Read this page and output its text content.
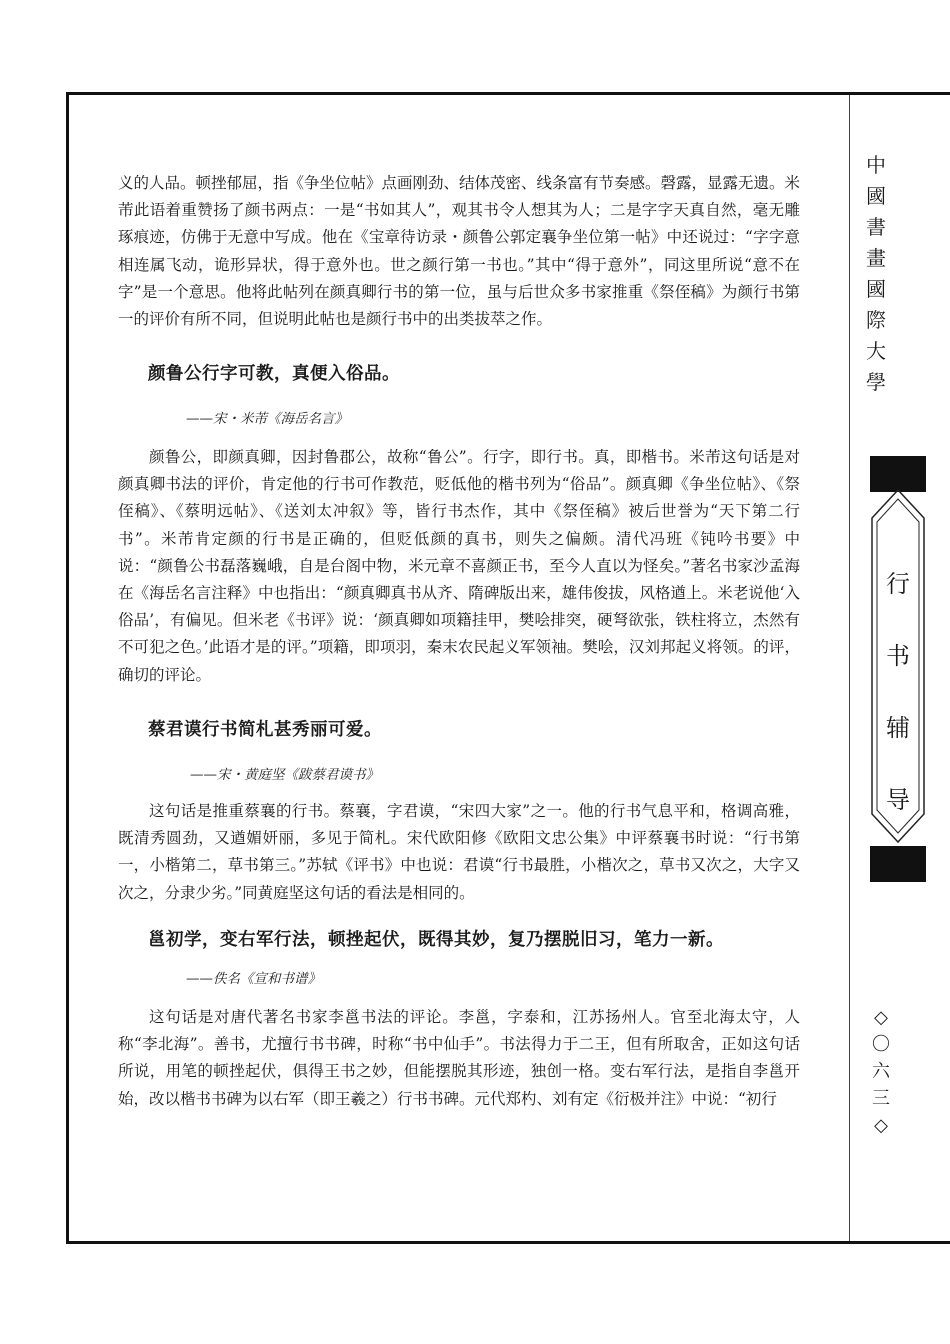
义的人品。顿挫郁屈，指《争坐位帖》点画刚劲、结体茂密、线条富有节奏感。磬露，显露无遗。米芾此语着重赞扬了颜书两点：一是“书如其人”，观其书令人想其为人；二是字字天真自然，毫无雕琢痕迹，仿佛于无意中写成。他在《宝章待访录・颜鲁公郭定襄争坐位第一帖》中还说过：“字字意相连属飞动，诡形异状，得于意外也。世之颜行第一书也。”其中“得于意外”，同这里所说“意不在字”是一个意思。他将此帖列在颜真卿行书的第一位，虽与后世众多书家推重《祭侄稿》为颜行书第一的评价有所不同，但说明此帖也是颜行书中的出类拔萃之作。

颜鲁公行字可教，真便入俗品。

——宋・米芾《海岳名言》

颜鲁公，即颜真卿，因封鲁郡公，故称“鲁公”。行字，即行书。真，即楷书。米芾这句话是对颜真卿书法的评价，肯定他的行书可作教范，贬低他的楷书列为“俗品”。颜真卿《争坐位帖》、《祭侄稿》、《蔡明远帖》、《送刘太冲叙》等，皆行书杰作，其中《祭侄稿》被后世誉为“天下第二行书”。米芾肯定颜的行书是正确的，但贬低颜的真书，则失之偏颇。清代冯班《钝吟书要》中说：“颜鲁公书磊落巍峨，自是台阁中物，米元章不喜颜正书，至今人直以为怪矣。”著名书家沙孟海在《海岳名言注释》中也指出：“颜真卿真书从齐、隋碑版出来，雄伟俊拔，风格遒上。米老说他‘入俗品’，有偏见。但米老《书评》说：‘颜真卿如项籍挂甲，樊哙排突，硬弩欲张，铁柱将立，杰然有不可犯之色。’此语才是的评。”项籍，即项羽，秦末农民起义军领袖。樊哙，汉刘邦起义将领。的评，确切的评论。

蔡君谟行书简札甚秀丽可爱。

——宋・黄庭坚《跋蔡君谟书》

这句话是推重蔡襄的行书。蔡襄，字君谟，“宋四大家”之一。他的行书气息平和，格调高雅，既清秀圆劲，又遒媚妍丽，多见于简札。宋代欧阳修《欧阳文忠公集》中评蔡襄书时说：“行书第一，小楷第二，草书第三。”苏轼《评书》中也说：君谟“行书最胜，小楷次之，草书又次之，大字又次之，分隶少劣。”同黄庭坚这句话的看法是相同的。

邕初学，变右军行法，顿挫起伏，既得其妙，复乃摆脱旧习，笔力一新。

——佚名《宣和书谱》

这句话是对唐代著名书家李邕书法的评论。李邕，字泰和，江苏扬州人。官至北海太守，人称“李北海”。善书，尤擅行书书碑，时称“书中仙手”。书法得力于二王，但有所取舍，正如这句话所说，用笔的顿挫起伏，俱得王书之妙，但能摆脱其形迹，独创一格。变右军行法，是指自李邕开始，改以楷书书碑为以右军（即王羲之）行书书碑。元代郑杓、刘有定《衍极并注》中说：“初行

中
國
書
畫
國
際
大
學
行
书
辅
导
◇
〇
六
三
◇
